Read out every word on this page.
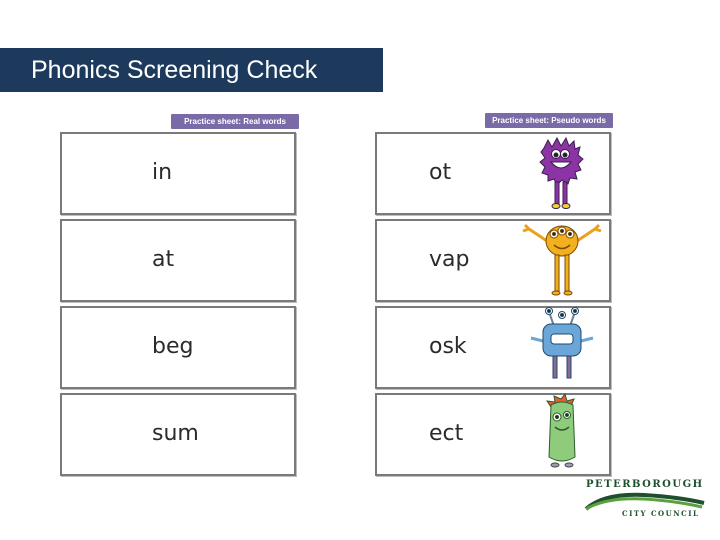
Phonics Screening Check
Practice sheet: Real words	Practice sheet: Pseudo words
in
at
beg
sum
ot
vap
osk
ect
PETERBOROUGH
CITY COUNCIL
